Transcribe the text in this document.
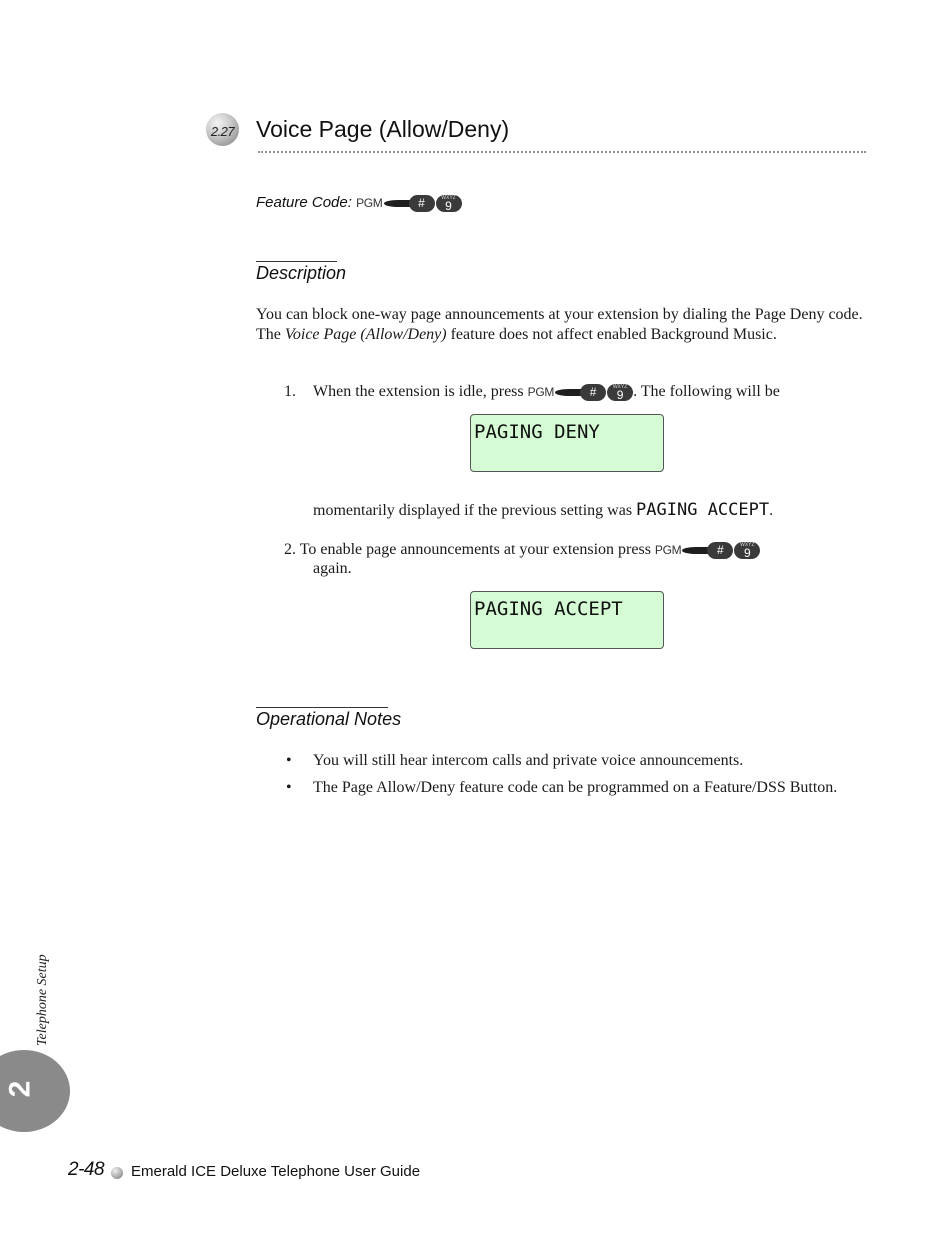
2.27 Voice Page (Allow/Deny)
Feature Code: PGM	#	WXYZ
9
Description
You can block one-way page announcements at your extension by dialing the Page Deny code. The Voice Page (Allow/Deny) feature does not affect enabled Background Music.
1. When the extension is idle, press PGM	#	WXYZ
9 . The following will be
PAGING DENY
momentarily displayed if the previous setting was PAGING ACCEPT.
2. To enable page announcements at your extension press PGM	#	WXYZ
9
again.
PAGING ACCEPT
Operational Notes
• You will still hear intercom calls and private voice announcements.
• The Page Allow/Deny feature code can be programmed on a Feature/DSS Button.
Telephone Setup
2
2-48 Emerald ICE Deluxe Telephone User Guide
